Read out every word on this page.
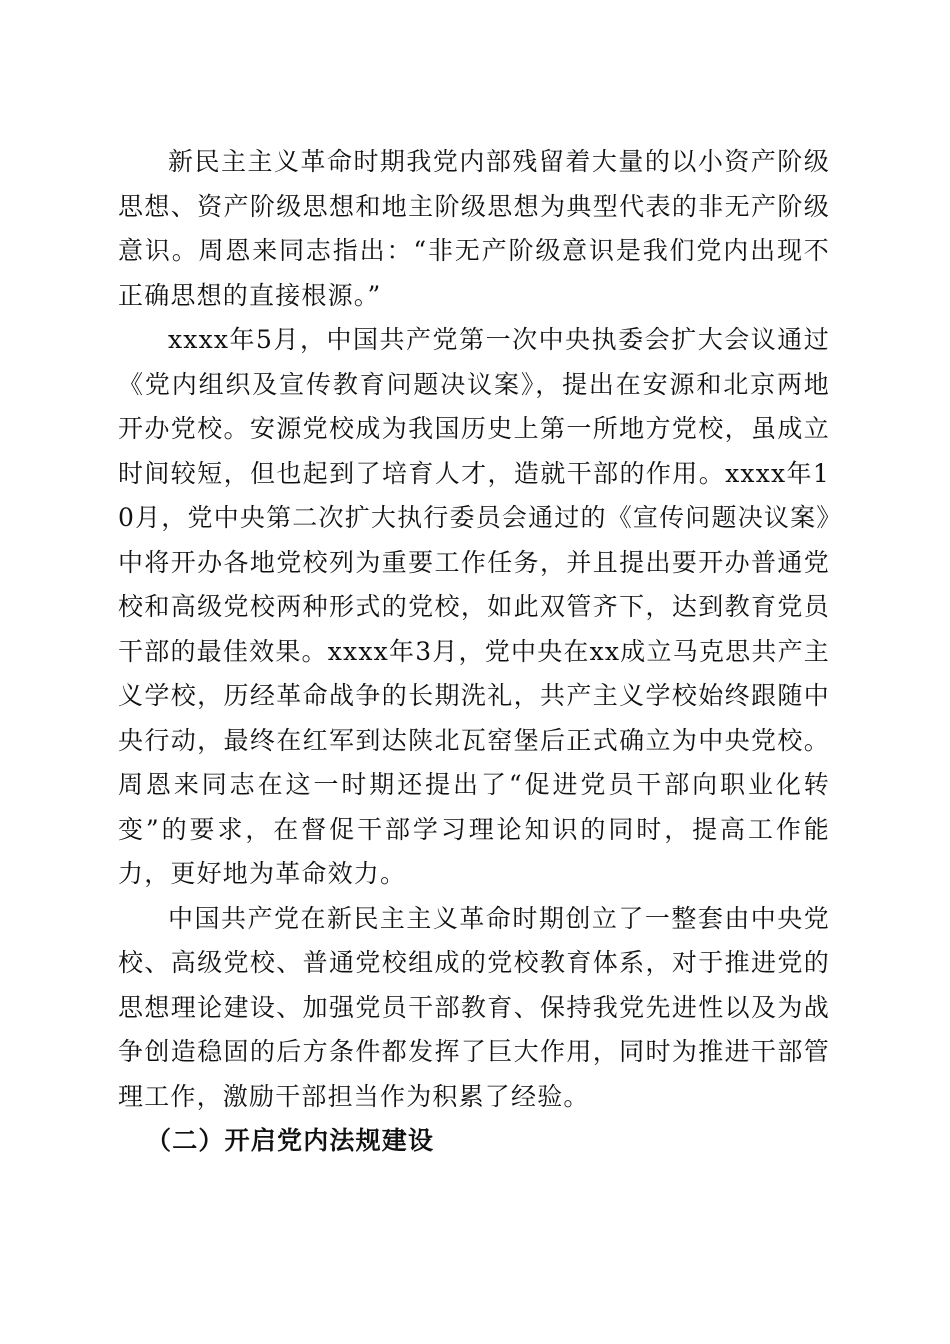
新民主主义革命时期我党内部残留着大量的以小资产阶级思想、资产阶级思想和地主阶级思想为典型代表的非无产阶级意识。周恩来同志指出：“非无产阶级意识是我们党内出现不正确思想的直接根源。”

xxxx年5月，中国共产党第一次中央执委会扩大会议通过《党内组织及宣传教育问题决议案》，提出在安源和北京两地开办党校。安源党校成为我国历史上第一所地方党校，虽成立时间较短，但也起到了培育人才，造就干部的作用。xxxx年10月，党中央第二次扩大执行委员会通过的《宣传问题决议案》中将开办各地党校列为重要工作任务，并且提出要开办普通党校和高级党校两种形式的党校，如此双管齐下，达到教育党员干部的最佳效果。xxxx年3月，党中央在xx成立马克思共产主义学校，历经革命战争的长期洗礼，共产主义学校始终跟随中央行动，最终在红军到达陕北瓦窑堡后正式确立为中央党校。周恩来同志在这一时期还提出了“促进党员干部向职业化转变”的要求，在督促干部学习理论知识的同时，提高工作能力，更好地为革命效力。

中国共产党在新民主主义革命时期创立了一整套由中央党校、高级党校、普通党校组成的党校教育体系，对于推进党的思想理论建设、加强党员干部教育、保持我党先进性以及为战争创造稳固的后方条件都发挥了巨大作用，同时为推进干部管理工作，激励干部担当作为积累了经验。

（二）开启党内法规建设
